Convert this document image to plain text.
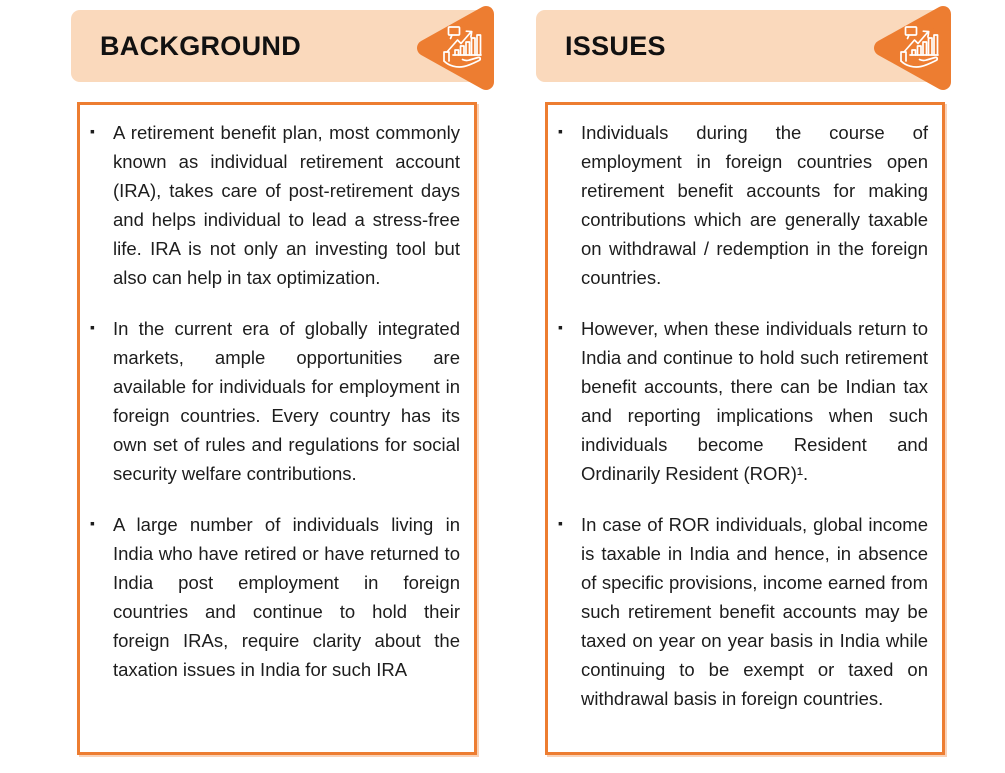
BACKGROUND
▪ A retirement benefit plan, most commonly known as individual retirement account (IRA), takes care of post-retirement days and helps individual to lead a stress-free life. IRA is not only an investing tool but also can help in tax optimization.
▪ In the current era of globally integrated markets, ample opportunities are available for individuals for employment in foreign countries. Every country has its own set of rules and regulations for social security welfare contributions.
▪ A large number of individuals living in India who have retired or have returned to India post employment in foreign countries and continue to hold their foreign IRAs, require clarity about the taxation issues in India for such IRA
ISSUES
▪ Individuals during the course of employment in foreign countries open retirement benefit accounts for making contributions which are generally taxable on withdrawal / redemption in the foreign countries.
▪ However, when these individuals return to India and continue to hold such retirement benefit accounts, there can be Indian tax and reporting implications when such individuals become Resident and Ordinarily Resident (ROR)¹.
▪ In case of ROR individuals, global income is taxable in India and hence, in absence of specific provisions, income earned from such retirement benefit accounts may be taxed on year on year basis in India while continuing to be exempt or taxed on withdrawal basis in foreign countries.
